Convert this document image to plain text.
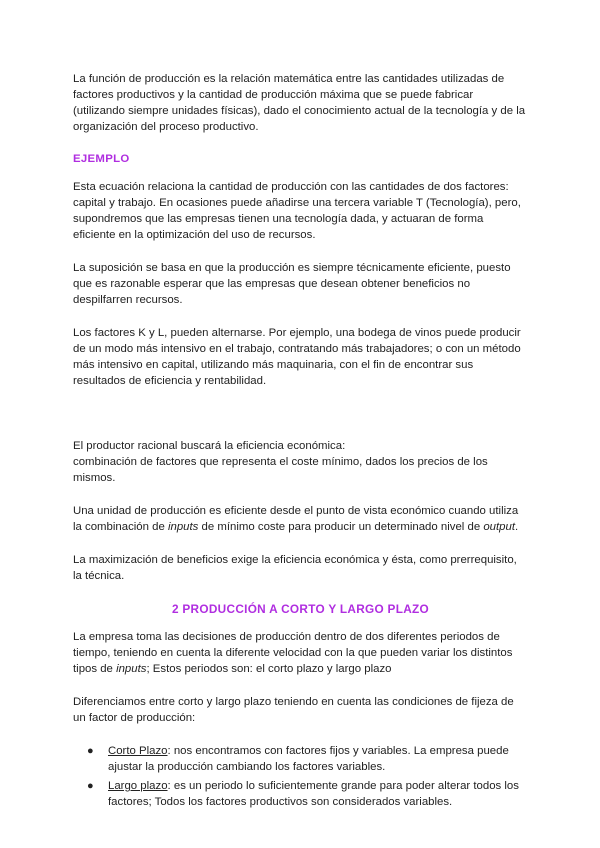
La función de producción es la relación matemática entre las cantidades utilizadas de factores productivos y la cantidad de producción máxima que se puede fabricar (utilizando siempre unidades físicas), dado el conocimiento actual de la tecnología y de la organización del proceso productivo.

EJEMPLO

Esta ecuación relaciona la cantidad de producción con las cantidades de dos factores: capital y trabajo. En ocasiones puede añadirse una tercera variable T (Tecnología), pero, supondremos que las empresas tienen una tecnología dada, y actuaran de forma eficiente en la optimización del uso de recursos.

La suposición se basa en que la producción es siempre técnicamente eficiente, puesto que es razonable esperar que las empresas que desean obtener beneficios no despilfarren recursos.

Los factores K y L, pueden alternarse. Por ejemplo, una bodega de vinos puede producir de un modo más intensivo en el trabajo, contratando más trabajadores; o con un método más intensivo en capital, utilizando más maquinaria, con el fin de encontrar sus resultados de eficiencia y rentabilidad.

El productor racional buscará la eficiencia económica:

combinación de factores que representa el coste mínimo, dados los precios de los mismos.

Una unidad de producción es eficiente desde el punto de vista económico cuando utiliza la combinación de inputs de mínimo coste para producir un determinado nivel de output.

La maximización de beneficios exige la eficiencia económica y ésta, como prerrequisito, la técnica.

2 PRODUCCIÓN A CORTO Y LARGO PLAZO

La empresa toma las decisiones de producción dentro de dos diferentes periodos de tiempo, teniendo en cuenta la diferente velocidad con la que pueden variar los distintos tipos de inputs; Estos periodos son: el corto plazo y largo plazo

Diferenciamos entre corto y largo plazo teniendo en cuenta las condiciones de fijeza de un factor de producción:

● Corto Plazo: nos encontramos con factores fijos y variables. La empresa puede ajustar la producción cambiando los factores variables.
● Largo plazo: es un periodo lo suficientemente grande para poder alterar todos los factores; Todos los factores productivos son considerados variables.
